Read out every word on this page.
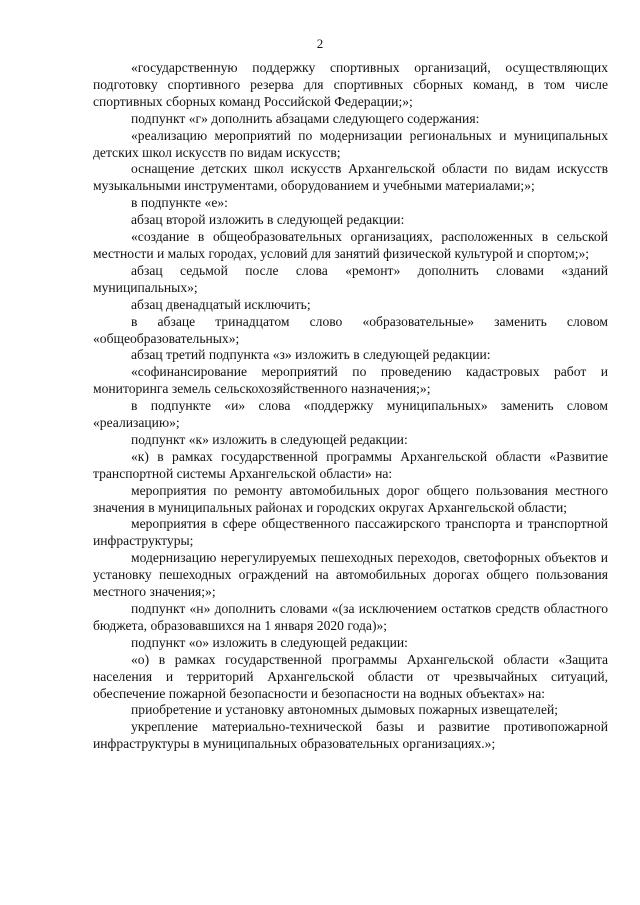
2

«государственную поддержку спортивных организаций, осуществляющих подготовку спортивного резерва для спортивных сборных команд, в том числе спортивных сборных команд Российской Федерации;»;

подпункт «г» дополнить абзацами следующего содержания:

«реализацию мероприятий по модернизации региональных и муниципальных детских школ искусств по видам искусств;

оснащение детских школ искусств Архангельской области по видам искусств музыкальными инструментами, оборудованием и учебными материалами;»;

в подпункте «е»:

абзац второй изложить в следующей редакции:

«создание в общеобразовательных организациях, расположенных в сельской местности и малых городах, условий для занятий физической культурой и спортом;»;

абзац седьмой после слова «ремонт» дополнить словами «зданий муниципальных»;

абзац двенадцатый исключить;

в абзаце тринадцатом слово «образовательные» заменить словом «общеобразовательных»;

абзац третий подпункта «з» изложить в следующей редакции:

«софинансирование мероприятий по проведению кадастровых работ и мониторинга земель сельскохозяйственного назначения;»;

в подпункте «и» слова «поддержку муниципальных» заменить словом «реализацию»;

подпункт «к» изложить в следующей редакции:

«к) в рамках государственной программы Архангельской области «Развитие транспортной системы Архангельской области» на:

мероприятия по ремонту автомобильных дорог общего пользования местного значения в муниципальных районах и городских округах Архангельской области;

мероприятия в сфере общественного пассажирского транспорта и транспортной инфраструктуры;

модернизацию нерегулируемых пешеходных переходов, светофорных объектов и установку пешеходных ограждений на автомобильных дорогах общего пользования местного значения;»;

подпункт «н» дополнить словами «(за исключением остатков средств областного бюджета, образовавшихся на 1 января 2020 года)»;

подпункт «о» изложить в следующей редакции:

«о) в рамках государственной программы Архангельской области «Защита населения и территорий Архангельской области от чрезвычайных ситуаций, обеспечение пожарной безопасности и безопасности на водных объектах» на:

приобретение и установку автономных дымовых пожарных извещателей;

укрепление материально-технической базы и развитие противопожарной инфраструктуры в муниципальных образовательных организациях.»;
